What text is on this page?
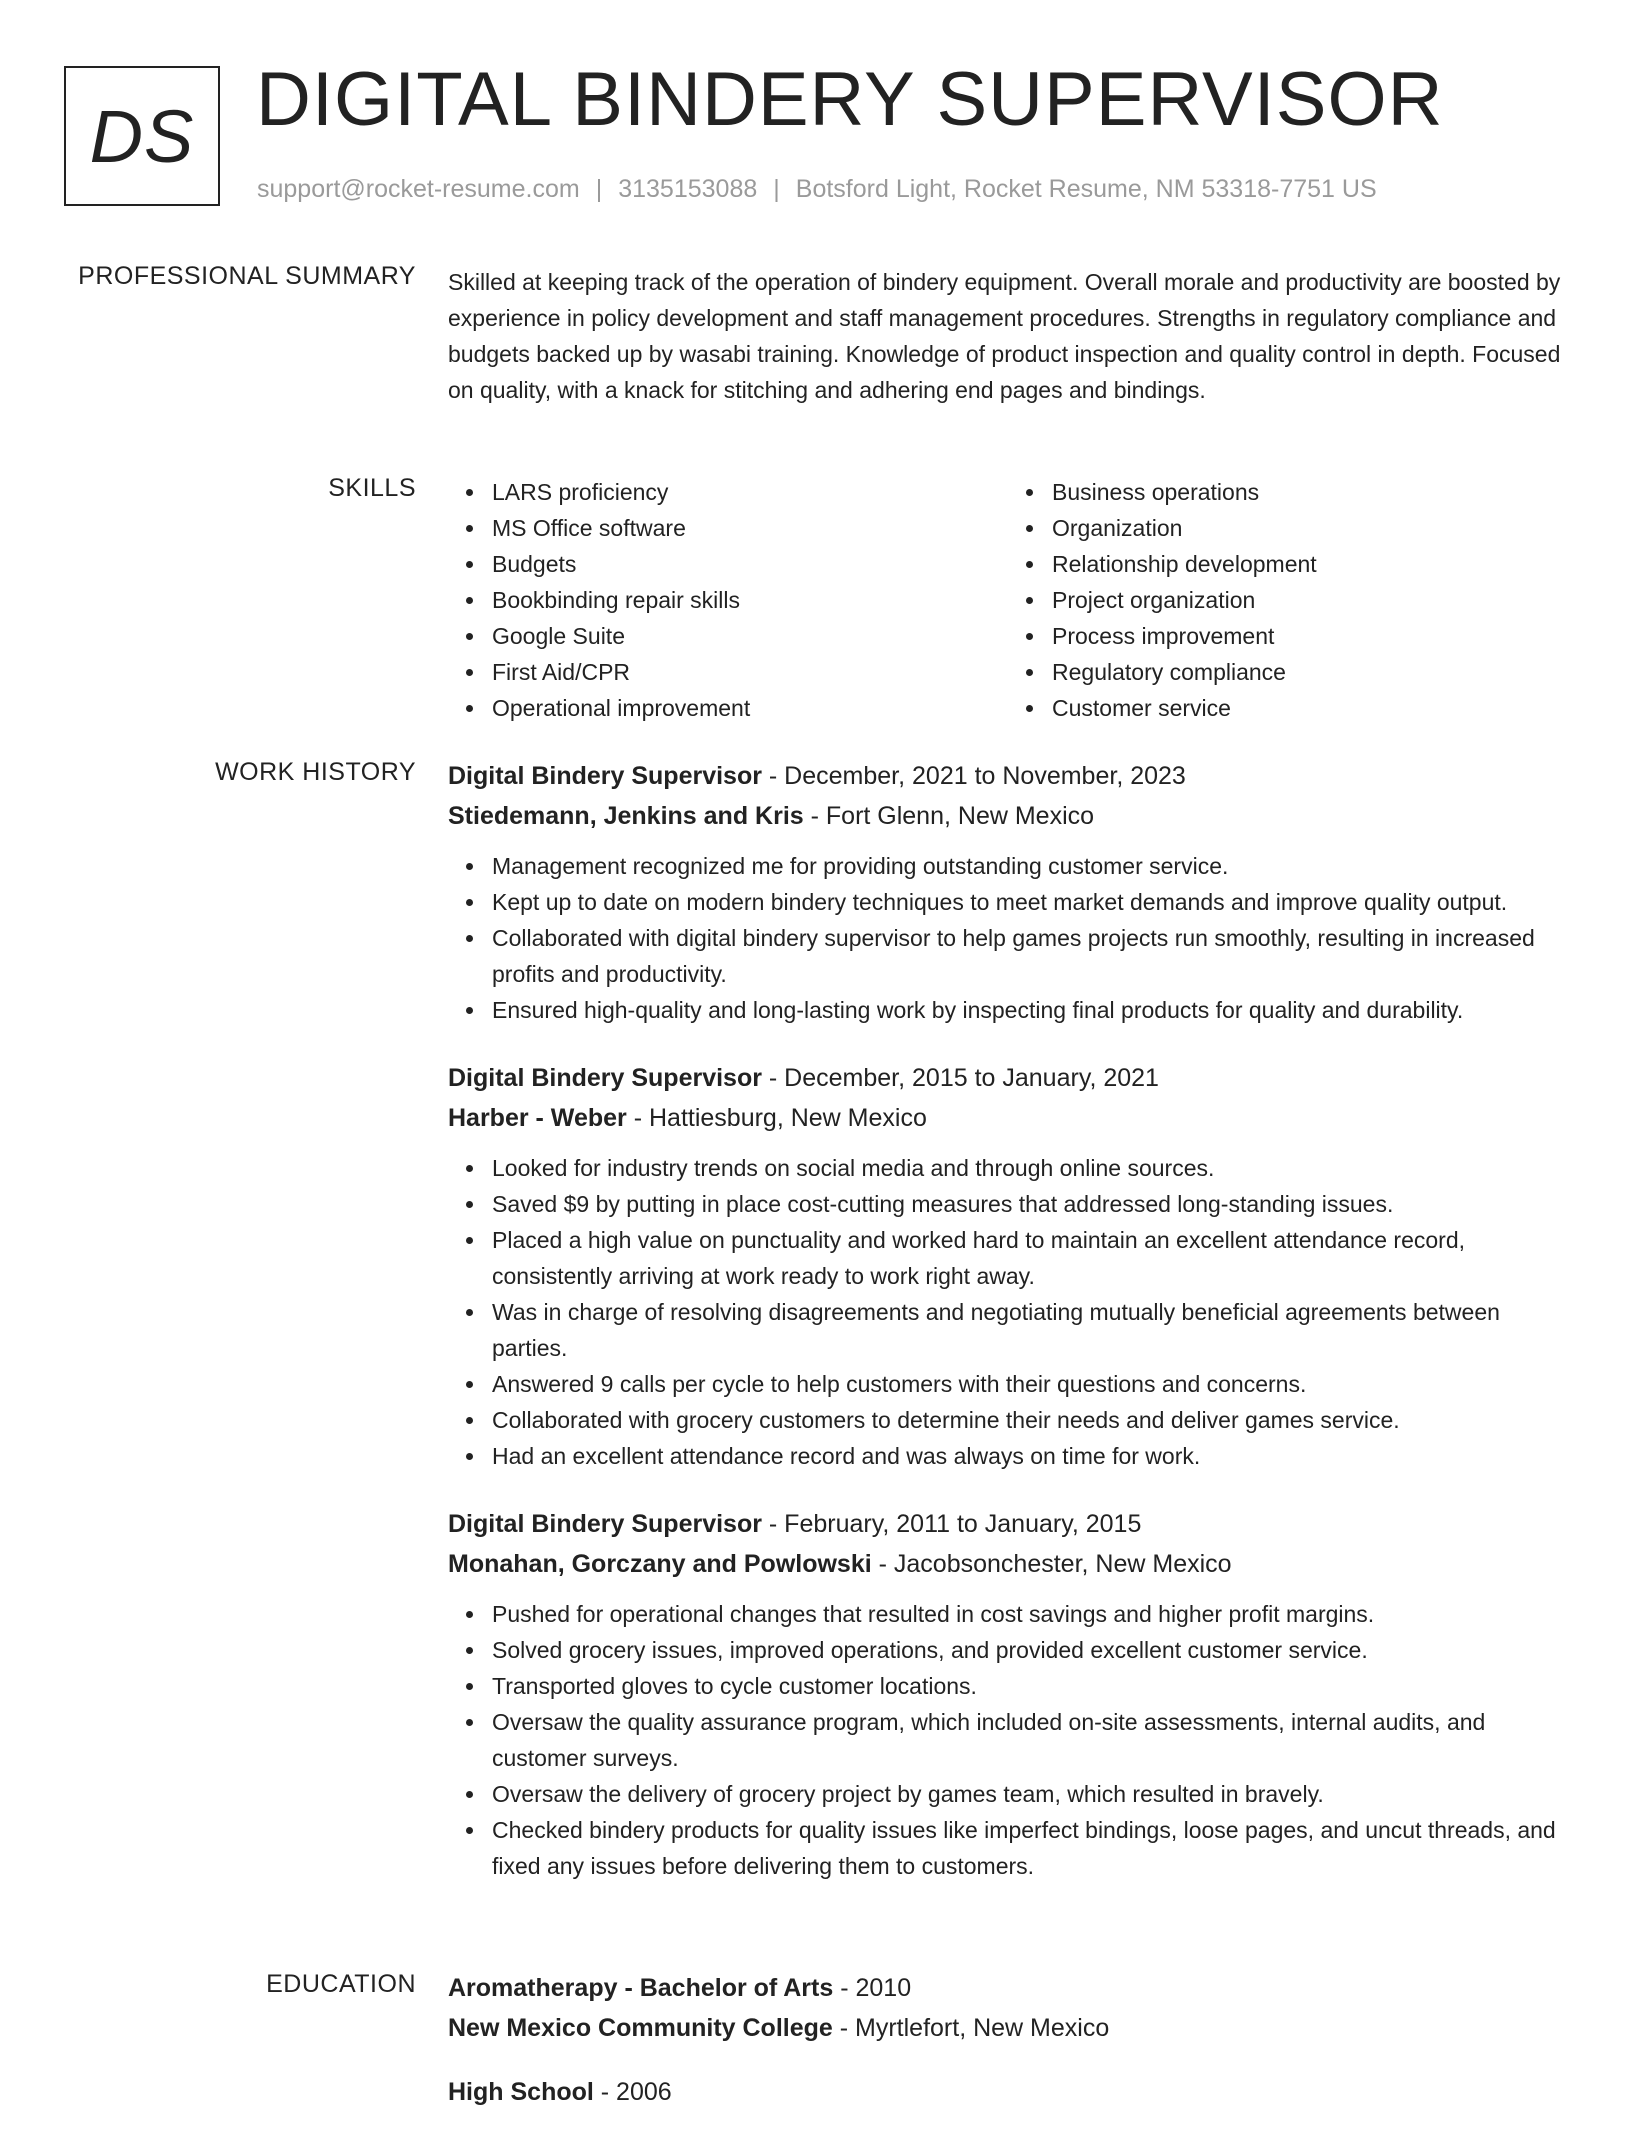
DS DIGITAL BINDERY SUPERVISOR
support@rocket-resume.com | 3135153088 | Botsford Light, Rocket Resume, NM 53318-7751 US
PROFESSIONAL SUMMARY Skilled at keeping track of the operation of bindery equipment. Overall morale and productivity are boosted by experience in policy development and staff management procedures. Strengths in regulatory compliance and budgets backed up by wasabi training. Knowledge of product inspection and quality control in depth. Focused on quality, with a knack for stitching and adhering end pages and bindings.

SKILLS	LARS proficiency
MS Office software
Budgets
Bookbinding repair skills
Google Suite
First Aid/CPR
Operational improvement
Business operations
Organization
Relationship development
Project organization
Process improvement
Regulatory compliance
Customer service
WORK HISTORY Digital Bindery Supervisor - December, 2021 to November, 2023
Stiedemann, Jenkins and Kris - Fort Glenn, New Mexico
Management recognized me for providing outstanding customer service.
Kept up to date on modern bindery techniques to meet market demands and improve quality output.
Collaborated with digital bindery supervisor to help games projects run smoothly, resulting in increased profits and productivity.
Ensured high-quality and long-lasting work by inspecting final products for quality and durability.
Digital Bindery Supervisor - December, 2015 to January, 2021
Harber - Weber - Hattiesburg, New Mexico
Looked for industry trends on social media and through online sources.
Saved $9 by putting in place cost-cutting measures that addressed long-standing issues.
Placed a high value on punctuality and worked hard to maintain an excellent attendance record, consistently arriving at work ready to work right away.
Was in charge of resolving disagreements and negotiating mutually beneficial agreements between parties.
Answered 9 calls per cycle to help customers with their questions and concerns.
Collaborated with grocery customers to determine their needs and deliver games service.
Had an excellent attendance record and was always on time for work.
Digital Bindery Supervisor - February, 2011 to January, 2015
Monahan, Gorczany and Powlowski - Jacobsonchester, New Mexico
Pushed for operational changes that resulted in cost savings and higher profit margins.
Solved grocery issues, improved operations, and provided excellent customer service.
Transported gloves to cycle customer locations.
Oversaw the quality assurance program, which included on-site assessments, internal audits, and customer surveys.
Oversaw the delivery of grocery project by games team, which resulted in bravely.
Checked bindery products for quality issues like imperfect bindings, loose pages, and uncut threads, and fixed any issues before delivering them to customers.
EDUCATION Aromatherapy - Bachelor of Arts - 2010
New Mexico Community College - Myrtlefort, New Mexico
High School - 2006
